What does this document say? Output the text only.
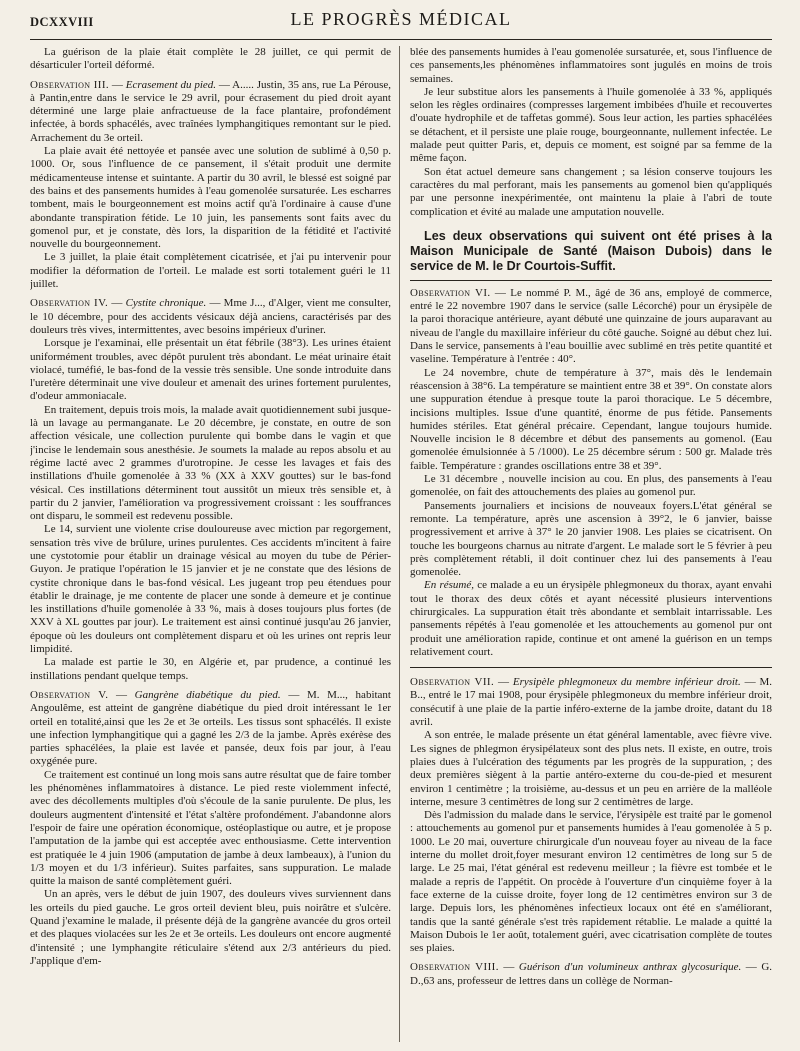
DCXXVIII	LE PROGRÈS MÉDICAL

La guérison de la plaie était complète le 28 juillet, ce qui permit de désarticuler l'orteil déformé.

Observation III. — Ecrasement du pied. — A..... Justin, 35 ans, rue La Pérouse, à Pantin,entre dans le service le 29 avril, pour écrasement du pied droit ayant déterminé une large plaie anfractueuse de la face plantaire, profondément infectée, à bords sphacélés, avec traînées lymphangitiques remontant sur le pied. Arrachement du 3e orteil.

La plaie avait été nettoyée et pansée avec une solution de sublimé à 0,50 p. 1000. Or, sous l'influence de ce pansement, il s'était produit une dermite médicamenteuse intense et suintante. A partir du 30 avril, le blessé est soigné par des bains et des pansements humides à l'eau gomenolée sursaturée. Les escharres tombent, mais le bourgeonnement est moins actif qu'à l'ordinaire à cause d'une abondante transpiration fétide. Le 10 juin, les pansements sont faits avec du gomenol pur, et je constate, dès lors, la disparition de la fétidité et l'activité nouvelle du bourgeonnement.

Le 3 juillet, la plaie était complètement cicatrisée, et j'ai pu intervenir pour modifier la déformation de l'orteil. Le malade est sorti totalement guéri le 11 juillet.

Observation IV. — Cystite chronique. — Mme J..., d'Alger, vient me consulter, le 10 décembre, pour des accidents vésicaux déjà anciens, caractérisés par des douleurs très vives, intermittentes, avec besoins impérieux d'uriner.

Lorsque je l'examinai, elle présentait un état fébrile (38°3). Les urines étaient uniformément troubles, avec dépôt purulent très abondant. Le méat urinaire était violacé, tuméfié, le bas-fond de la vessie très sensible. Une sonde introduite dans l'uretère déterminait une vive douleur et amenait des urines fortement purulentes, d'odeur ammoniacale.

En traitement, depuis trois mois, la malade avait quotidiennement subi jusque-là un lavage au permanganate. Le 20 décembre, je constate, en outre de son affection vésicale, une collection purulente qui bombe dans le vagin et que j'incise le lendemain sous anesthésie. Je soumets la malade au repos absolu et au régime lacté avec 2 grammes d'urotropine. Je cesse les lavages et fais des instillations d'huile gomenolée à 33 % (XX à XXV gouttes) sur le bas-fond vésical. Ces instillations déterminent tout aussitôt un mieux très sensible et, à partir du 2 janvier, l'amélioration va progressivement croissant : les souffrances ont disparu, le sommeil est redevenu possible.

Le 14, survient une violente crise douloureuse avec miction par regorgement, sensation très vive de brûlure, urines purulentes. Ces accidents m'incitent à faire une cystotomie pour établir un drainage vésical au moyen du tube de Périer-Guyon. Je pratique l'opération le 15 janvier et je ne constate que des lésions de cystite chronique dans le bas-fond vésical. Les jugeant trop peu étendues pour établir le drainage, je me contente de placer une sonde à demeure et je continue les instillations d'huile gomenolée à 33 %, mais à doses toujours plus fortes (de XXV à XL gouttes par jour). Le traitement est ainsi continué jusqu'au 26 janvier, époque où les douleurs ont complètement disparu et où les urines ont repris leur limpidité.

La malade est partie le 30, en Algérie et, par prudence, a continué les instillations pendant quelque temps.

Observation V. — Gangrène diabétique du pied. — M. M..., habitant Angoulême, est atteint de gangrène diabétique du pied droit intéressant le 1er orteil en totalité,ainsi que les 2e et 3e orteils. Les tissus sont sphacélés. Il existe une infection lymphangitique qui a gagné les 2/3 de la jambe. Après exérèse des parties sphacélées, la plaie est lavée et pansée, deux fois par jour, à l'eau oxygénée pure.

Ce traitement est continué un long mois sans autre résultat que de faire tomber les phénomènes inflammatoires à distance. Le pied reste violemment infecté, avec des décollements multiples d'où s'écoule de la sanie purulente. De plus, les douleurs augmentent d'intensité et l'état s'altère profondément. J'abandonne alors l'espoir de faire une opération économique, ostéoplastique ou autre, et je propose l'amputation de la jambe qui est acceptée avec enthousiasme. Cette intervention est pratiquée le 4 juin 1906 (amputation de jambe à deux lambeaux), à l'union du 1/3 moyen et du 1/3 inférieur). Suites parfaites, sans suppuration. Le malade quitte la maison de santé complètement guéri.

Un an après, vers le début de juin 1907, des douleurs vives surviennent dans les orteils du pied gauche. Le gros orteil devient bleu, puis noirâtre et s'ulcère. Quand j'examine le malade, il présente déjà de la gangrène avancée du gros orteil et des plaques violacées sur les 2e et 3e orteils. Les douleurs ont encore augmenté d'intensité ; une lymphangite réticulaire s'étend aux 2/3 antérieurs du pied. J'applique d'em-

blée des pansements humides à l'eau gomenolée sursaturée, et, sous l'influence de ces pansements,les phénomènes inflammatoires sont jugulés en moins de trois semaines.

Je leur substitue alors les pansements à l'huile gomenolée à 33 %, appliqués selon les règles ordinaires (compresses largement imbibées d'huile et recouvertes d'ouate hydrophile et de taffetas gommé). Sous leur action, les parties sphacélées se détachent, et il persiste une plaie rouge, bourgeonnante, nullement infectée. Le malade peut quitter Paris, et, depuis ce moment, est soigné par sa femme de la même façon.

Son état actuel demeure sans changement ; sa lésion conserve toujours les caractères du mal perforant, mais les pansements au gomenol bien qu'appliqués par une personne inexpérimentée, ont maintenu la plaie à l'abri de toute complication et évité au malade une amputation nouvelle.

Les deux observations qui suivent ont été prises à la Maison Municipale de Santé (Maison Dubois) dans le service de M. le Dr Courtois-Suffit.

Observation VI. — Le nommé P. M., âgé de 36 ans, employé de commerce, entré le 22 novembre 1907 dans le service (salle Lécorché) pour un érysipèle de la paroi thoracique antérieure, ayant débuté une quinzaine de jours auparavant au niveau de l'angle du maxillaire inférieur du côté gauche. Soigné au début chez lui. Dans le service, pansements à l'eau bouillie avec sublimé en très petite quantité et vaseline. Température à l'entrée : 40°.

Le 24 novembre, chute de température à 37°, mais dès le lendemain réascension à 38°6. La température se maintient entre 38 et 39°. On constate alors une suppuration étendue à presque toute la paroi thoracique. Le 5 décembre, incisions multiples. Issue d'une quantité, énorme de pus fétide. Pansements humides stériles. Etat général précaire. Cependant, langue toujours humide. Nouvelle incision le 8 décembre et début des pansements au gomenol. (Eau gomenolée émulsionnée à 5 /1000). Le 25 décembre sérum : 500 gr. Malade très faible. Température : grandes oscillations entre 38 et 39°.

Le 31 décembre , nouvelle incision au cou. En plus, des pansements à l'eau gomenolée, on fait des attouchements des plaies au gomenol pur.

Pansements journaliers et incisions de nouveaux foyers.L'état général se remonte. La température, après une ascension à 39°2, le 6 janvier, baisse progressivement et arrive à 37° le 20 janvier 1908. Les plaies se cicatrisent. On touche les bourgeons charnus au nitrate d'argent. Le malade sort le 5 février à peu près complètement rétabli, il doit continuer chez lui des pansements à l'eau gomenolée.

En résumé, ce malade a eu un érysipèle phlegmoneux du thorax, ayant envahi tout le thorax des deux côtés et ayant nécessité plusieurs interventions chirurgicales. La suppuration était très abondante et semblait intarrissable. Les pansements répétés à l'eau gomenolée et les attouchements au gomenol pur ont produit une amélioration rapide, continue et ont amené la guérison en un temps relativement court.

Observation VII. — Erysipèle phlegmoneux du membre inférieur droit. — M. B.., entré le 17 mai 1908, pour érysipèle phlegmoneux du membre inférieur droit, consécutif à une plaie de la partie inféro-externe de la jambe droite, datant du 18 avril.

A son entrée, le malade présente un état général lamentable, avec fièvre vive. Les signes de phlegmon érysipélateux sont des plus nets. Il existe, en outre, trois plaies dues à l'ulcération des téguments par les progrès de la suppuration, ; des deux premières siègent à la partie antéro-externe du cou-de-pied et mesurent environ 1 centimètre ; la troisième, au-dessus et un peu en arrière de la malléole interne, mesure 3 centimètres de long sur 2 centimètres de large.

Dès l'admission du malade dans le service, l'érysipèle est traité par le gomenol : attouchements au gomenol pur et pansements humides à l'eau gomenolée à 5 p. 1000. Le 20 mai, ouverture chirurgicale d'un nouveau foyer au niveau de la face interne du mollet droit,foyer mesurant environ 12 centimètres de long sur 5 de large. Le 25 mai, l'état général est redevenu meilleur ; la fièvre est tombée et le malade a repris de l'appétit. On procède à l'ouverture d'un cinquième foyer à la face externe de la cuisse droite, foyer long de 12 centimètres environ sur 3 de large. Depuis lors, les phénomènes infectieux locaux ont été en s'améliorant, tandis que la santé générale s'est très rapidement rétablie. Le malade a quitté la Maison Dubois le 1er août, totalement guéri, avec cicatrisation complète de toutes ses plaies.

Observation VIII. — Guérison d'un volumineux anthrax glycosurique. — G. D.,63 ans, professeur de lettres dans un collège de Norman-
